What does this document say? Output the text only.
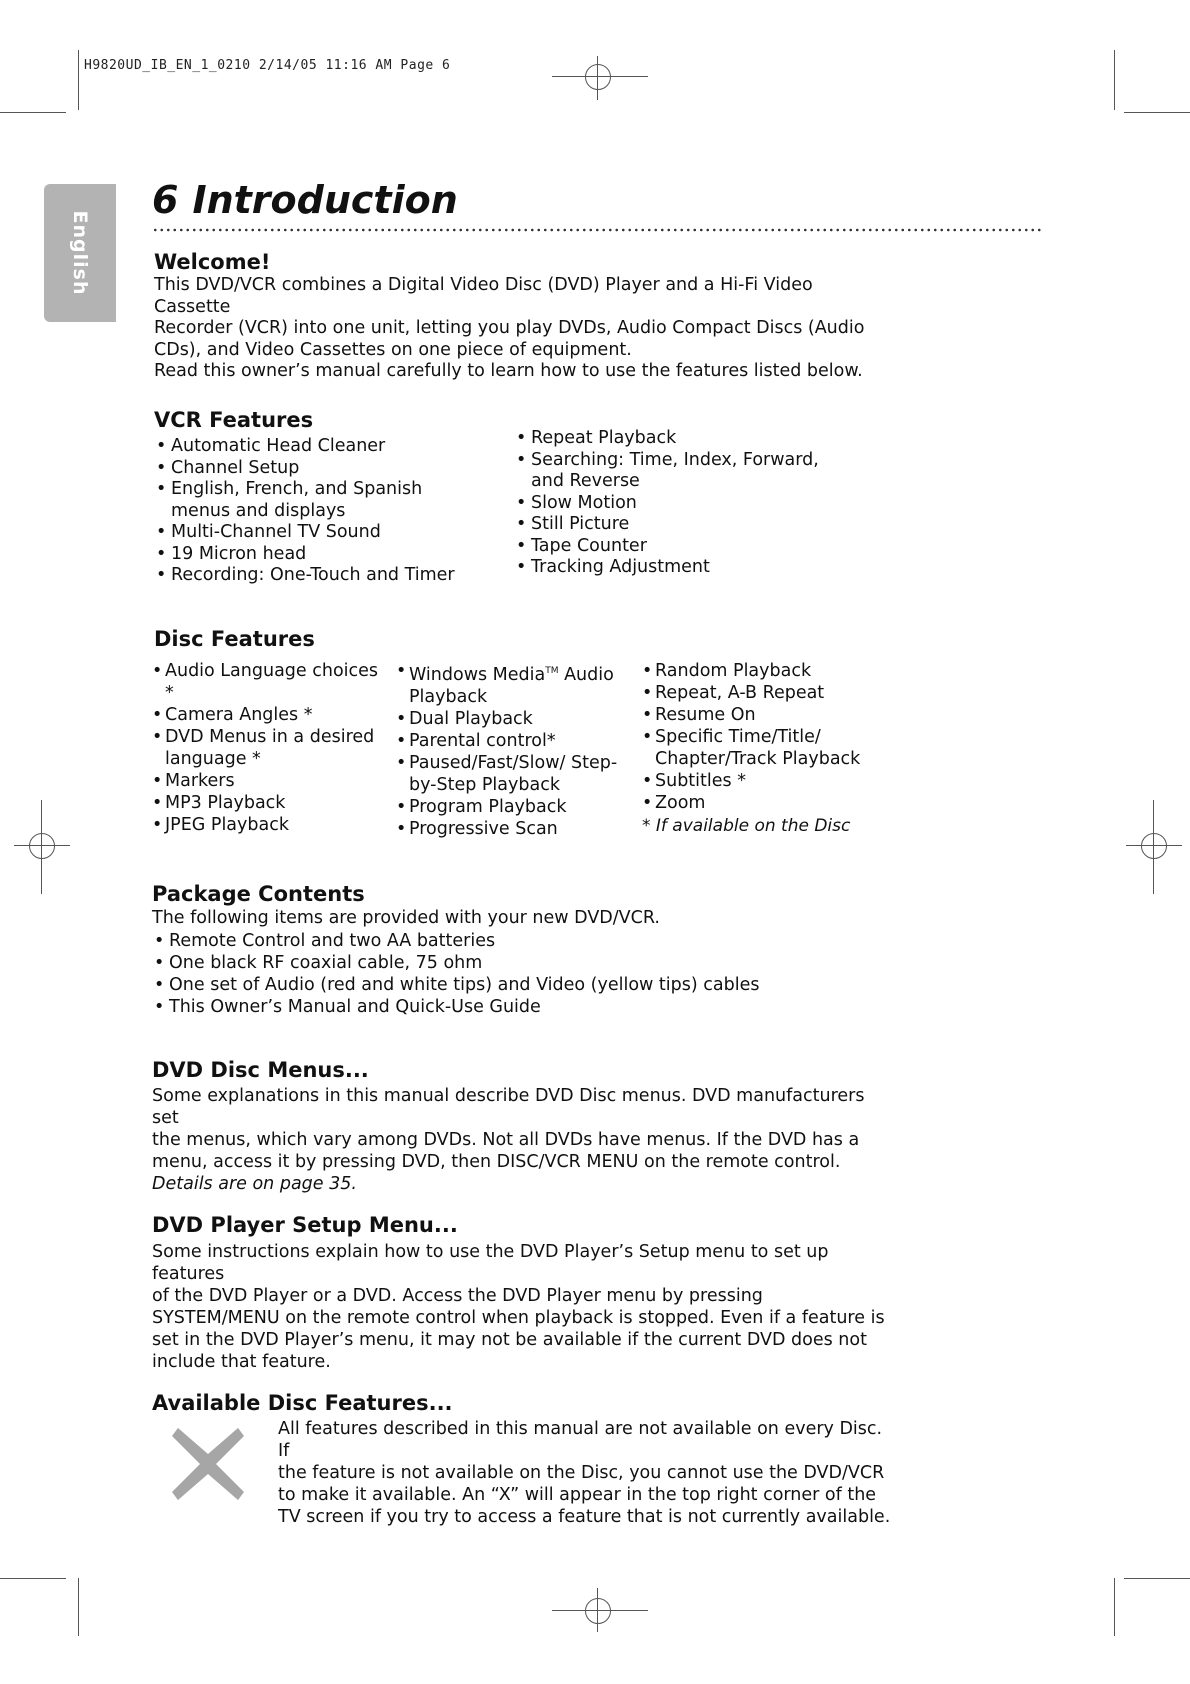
H9820UD_IB_EN_1_0210 2/14/05 11:16 AM Page 6
English
6 Introduction
Welcome!

This DVD/VCR combines a Digital Video Disc (DVD) Player and a Hi-Fi Video Cassette

Recorder (VCR) into one unit, letting you play DVDs, Audio Compact Discs (Audio

CDs), and Video Cassettes on one piece of equipment.

Read this owner’s manual carefully to learn how to use the features listed below.

VCR Features
• Automatic Head Cleaner
• Channel Setup
• English, French, and Spanish menus and displays
• Multi-Channel TV Sound
• 19 Micron head
• Recording: One-Touch and Timer
• Repeat Playback
• Searching: Time, Index, Forward, and Reverse
• Slow Motion
• Still Picture
• Tape Counter
• Tracking Adjustment
Disc Features
• Audio Language choices *
• Camera Angles *
• DVD Menus in a desired language *
• Markers
• MP3 Playback
• JPEG Playback
• Windows Media™ Audio Playback
• Dual Playback
• Parental control*
• Paused/Fast/Slow/ Step-by-Step Playback
• Program Playback
• Progressive Scan
• Random Playback
• Repeat, A-B Repeat
• Resume On
• Specific Time/Title/ Chapter/Track Playback
• Subtitles *
• Zoom
* If available on the Disc
Package Contents
The following items are provided with your new DVD/VCR.
• Remote Control and two AA batteries
• One black RF coaxial cable, 75 ohm
• One set of Audio (red and white tips) and Video (yellow tips) cables
• This Owner’s Manual and Quick-Use Guide
DVD Disc Menus...

Some explanations in this manual describe DVD Disc menus. DVD manufacturers set

the menus, which vary among DVDs. Not all DVDs have menus. If the DVD has a

menu, access it by pressing DVD, then DISC/VCR MENU on the remote control.

Details are on page 35.

DVD Player Setup Menu...

Some instructions explain how to use the DVD Player’s Setup menu to set up features

of the DVD Player or a DVD. Access the DVD Player menu by pressing

SYSTEM/MENU on the remote control when playback is stopped. Even if a feature is

set in the DVD Player’s menu, it may not be available if the current DVD does not

include that feature.

Available Disc Features...

All features described in this manual are not available on every Disc. If

the feature is not available on the Disc, you cannot use the DVD/VCR

to make it available. An “X” will appear in the top right corner of the

TV screen if you try to access a feature that is not currently available.
